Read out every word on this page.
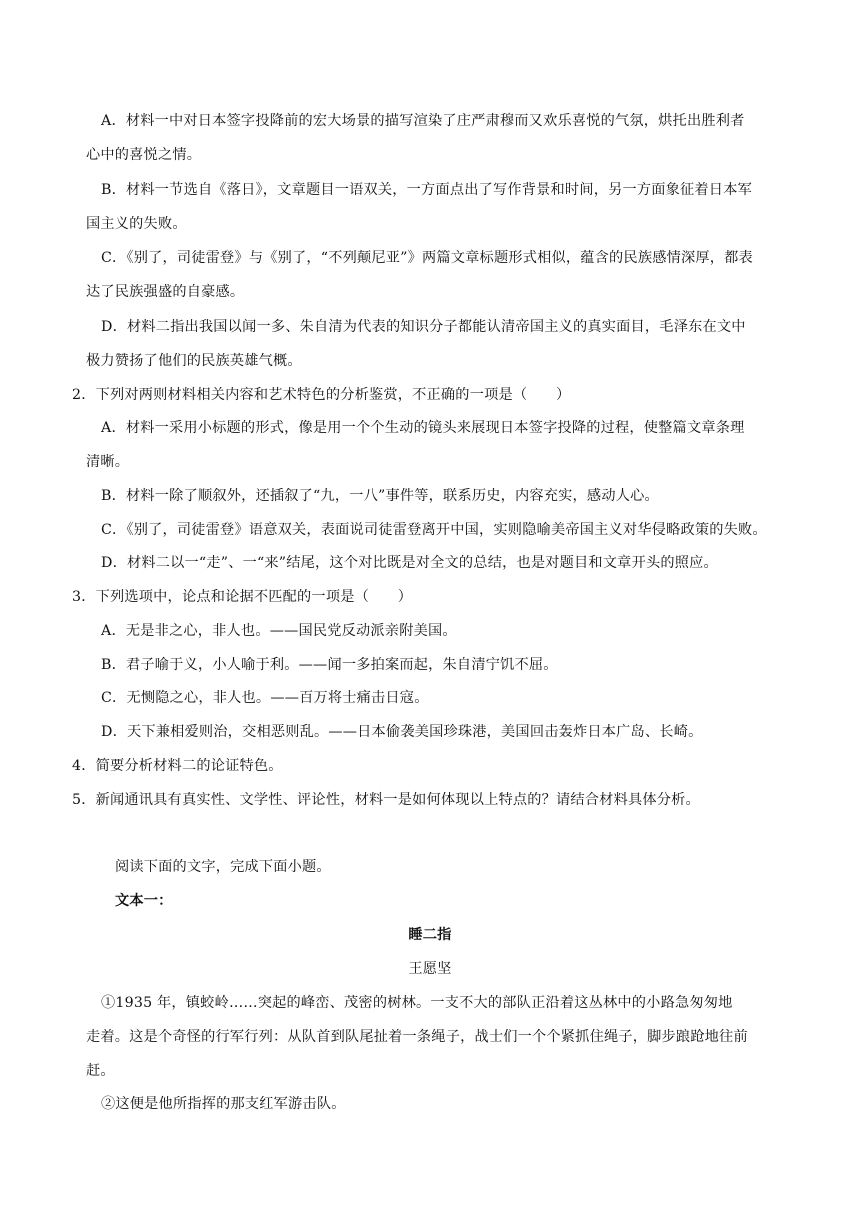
A．材料一中对日本签字投降前的宏大场景的描写渲染了庄严肃穆而又欢乐喜悦的气氛，烘托出胜利者
心中的喜悦之情。
B．材料一节选自《落日》，文章题目一语双关，一方面点出了写作背景和时间，另一方面象征着日本军
国主义的失败。
C．《别了，司徒雷登》与《别了，“不列颠尼亚”》两篇文章标题形式相似，蕴含的民族感情深厚，都表
达了民族强盛的自豪感。
D．材料二指出我国以闻一多、朱自清为代表的知识分子都能认清帝国主义的真实面目，毛泽东在文中
极力赞扬了他们的民族英雄气概。
2．下列对两则材料相关内容和艺术特色的分析鉴赏，不正确的一项是（　　）
A．材料一采用小标题的形式，像是用一个个生动的镜头来展现日本签字投降的过程，使整篇文章条理
清晰。
B．材料一除了顺叙外，还插叙了“九，一八”事件等，联系历史，内容充实，感动人心。
C．《别了，司徒雷登》语意双关，表面说司徒雷登离开中国，实则隐喻美帝国主义对华侵略政策的失败。
D．材料二以一“走”、一“来”结尾，这个对比既是对全文的总结，也是对题目和文章开头的照应。
3．下列选项中，论点和论据不匹配的一项是（　　）
A．无是非之心，非人也。——国民党反动派亲附美国。
B．君子喻于义，小人喻于利。——闻一多拍案而起，朱自清宁饥不屈。
C．无恻隐之心，非人也。——百万将士痛击日寇。
D．天下兼相爱则治，交相恶则乱。——日本偷袭美国珍珠港，美国回击轰炸日本广岛、长崎。
4．简要分析材料二的论证特色。
5．新闻通讯具有真实性、文学性、评论性，材料一是如何体现以上特点的？请结合材料具体分析。
阅读下面的文字，完成下面小题。
文本一：
睡二指
王愿坚
①1935 年，镇蛟岭……突起的峰峦、茂密的树林。一支不大的部队正沿着这丛林中的小路急匆匆地
走着。这是个奇怪的行军行列：从队首到队尾扯着一条绳子，战士们一个个紧抓住绳子，脚步踉跄地往前
赶。
②这便是他所指挥的那支红军游击队。
